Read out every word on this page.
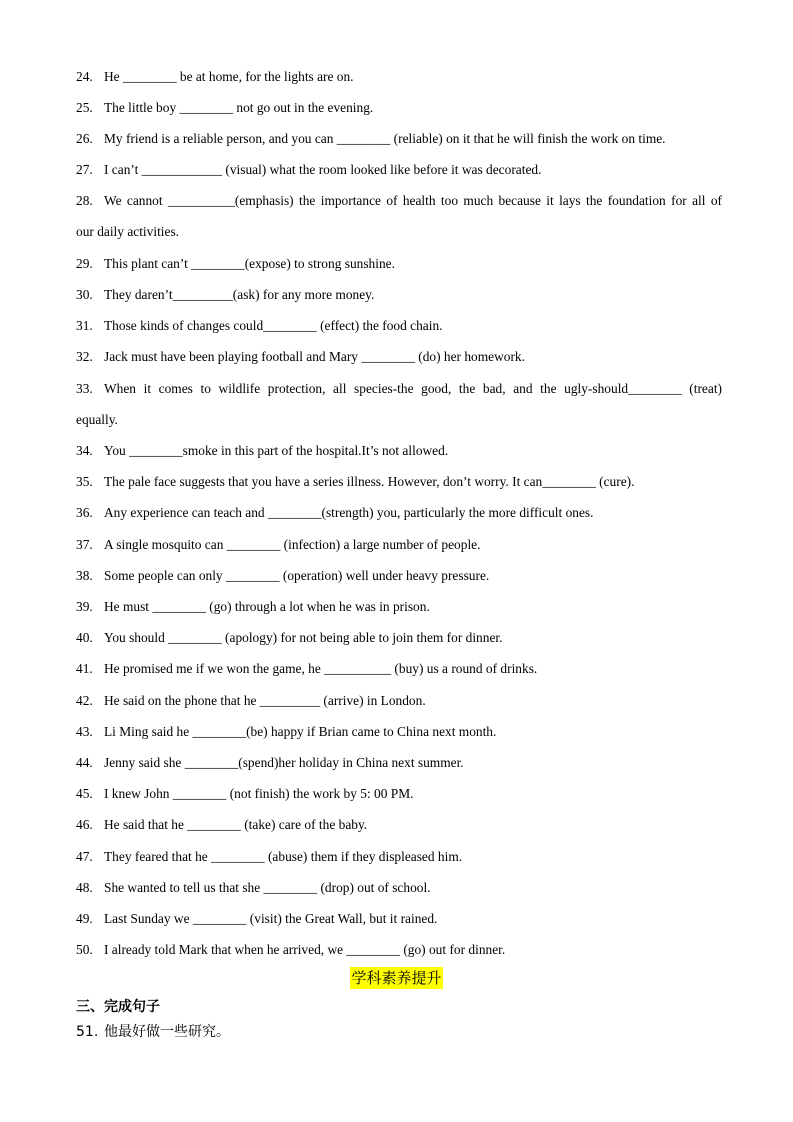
24. He ________ be at home, for the lights are on.
25. The little boy ________ not go out in the evening.
26. My friend is a reliable person, and you can ________ (reliable) on it that he will finish the work on time.
27. I can’t ____________ (visual) what the room looked like before it was decorated.
28. We cannot __________(emphasis) the importance of health too much because it lays the foundation for all of
our daily activities.
29. This plant can’t ________(expose) to strong sunshine.
30. They daren’t_________(ask) for any more money.
31. Those kinds of changes could________ (effect) the food chain.
32. Jack must have been playing football and Mary ________ (do) her homework.
33. When it comes to wildlife protection, all species-the good, the bad, and the ugly-should________ (treat)
equally.
34. You ________smoke in this part of the hospital.It’s not allowed.
35. The pale face suggests that you have a series illness. However, don’t worry. It can________ (cure).
36. Any experience can teach and ________(strength) you, particularly the more difficult ones.
37. A single mosquito can ________ (infection) a large number of people.
38. Some people can only ________ (operation) well under heavy pressure.
39. He must ________ (go) through a lot when he was in prison.
40. You should ________ (apology) for not being able to join them for dinner.
41. He promised me if we won the game, he __________ (buy) us a round of drinks.
42. He said on the phone that he _________ (arrive) in London.
43. Li Ming said he ________(be) happy if Brian came to China next month.
44. Jenny said she ________(spend)her holiday in China next summer.
45. I knew John ________ (not finish) the work by 5: 00 PM.
46. He said that he ________ (take) care of the baby.
47. They feared that he ________ (abuse) them if they displeased him.
48. She wanted to tell us that she ________ (drop) out of school.
49. Last Sunday we ________ (visit) the Great Wall, but it rained.
50. I already told Mark that when he arrived, we ________ (go) out for dinner.
学科素养提升
三、完成句子
51. 他最好做一些研究。
